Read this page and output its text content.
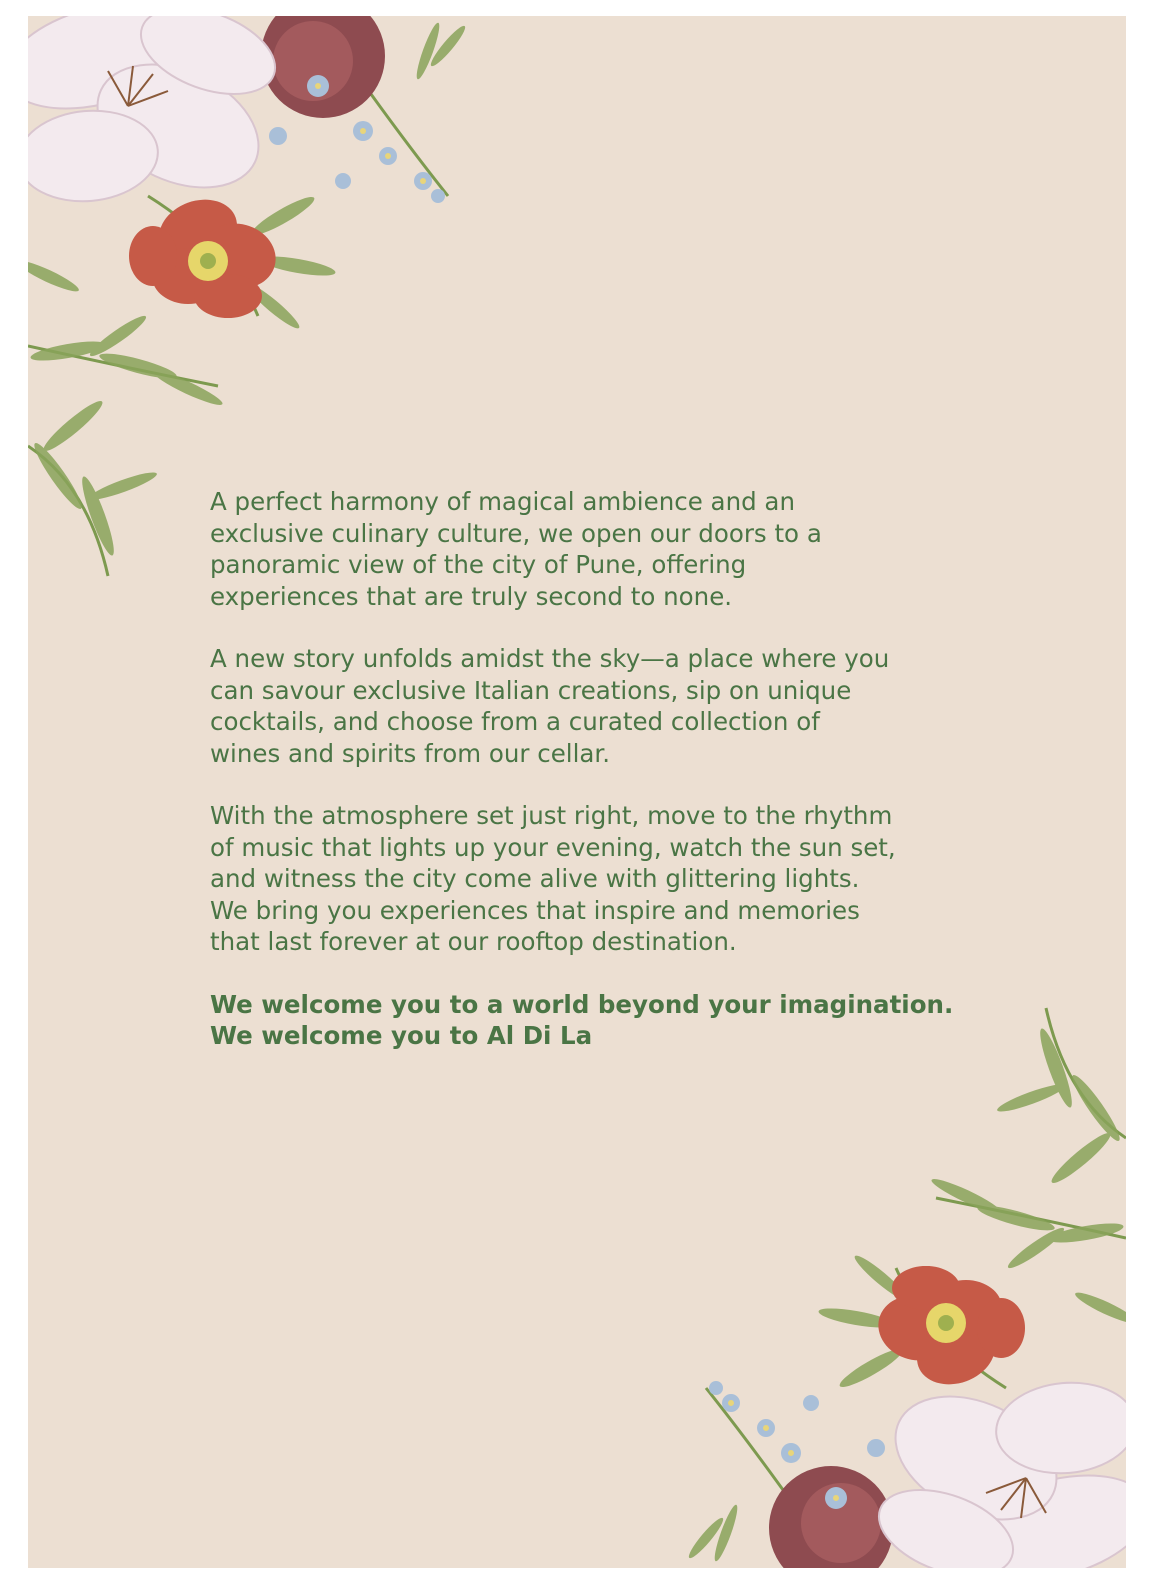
A perfect harmony of magical ambience and an
exclusive culinary culture, we open our doors to a
panoramic view of the city of Pune, offering
experiences that are truly second to none.

A new story unfolds amidst the sky—a place where you
can savour exclusive Italian creations, sip on unique
cocktails, and choose from a curated collection of
wines and spirits from our cellar.

With the atmosphere set just right, move to the rhythm
of music that lights up your evening, watch the sun set,
and witness the city come alive with glittering lights.
We bring you experiences that inspire and memories
that last forever at our rooftop destination.

We welcome you to a world beyond your imagination.
We welcome you to Al Di La
